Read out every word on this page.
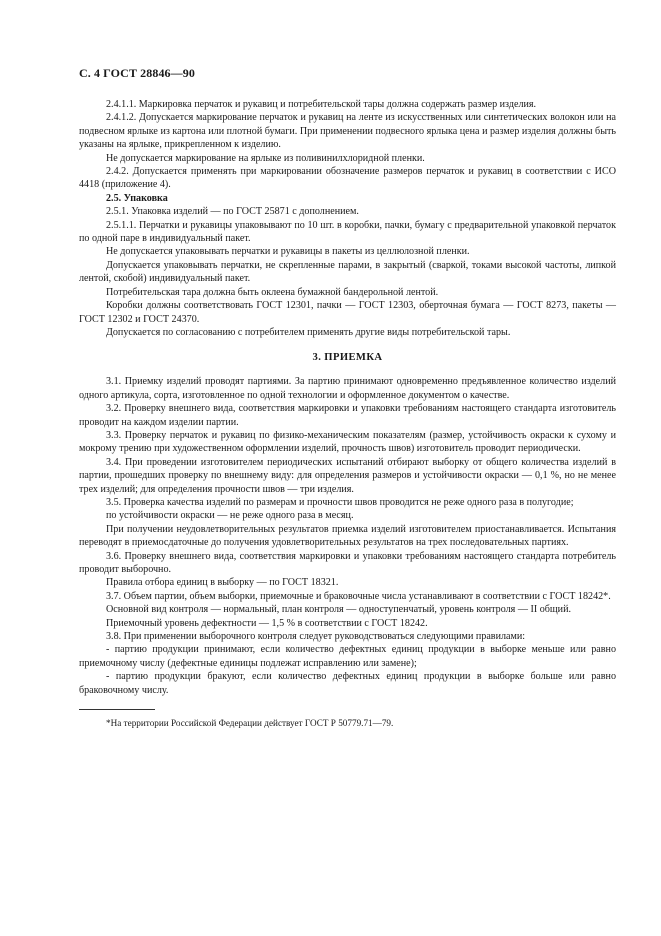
С. 4 ГОСТ 28846—90

2.4.1.1. Маркировка перчаток и рукавиц и потребительской тары должна содержать размер изделия.

2.4.1.2. Допускается маркирование перчаток и рукавиц на ленте из искусственных или синтетических волокон или на подвесном ярлыке из картона или плотной бумаги. При применении подвесного ярлыка цена и размер изделия должны быть указаны на ярлыке, прикрепленном к изделию.

Не допускается маркирование на ярлыке из поливинилхлоридной пленки.

2.4.2. Допускается применять при маркировании обозначение размеров перчаток и рукавиц в соответствии с ИСО 4418 (приложение 4).

2.5. Упаковка

2.5.1. Упаковка изделий — по ГОСТ 25871 с дополнением.

2.5.1.1. Перчатки и рукавицы упаковывают по 10 шт. в коробки, пачки, бумагу с предварительной упаковкой перчаток по одной паре в индивидуальный пакет.

Не допускается упаковывать перчатки и рукавицы в пакеты из целлюлозной пленки.

Допускается упаковывать перчатки, не скрепленные парами, в закрытый (сваркой, токами высокой частоты, липкой лентой, скобой) индивидуальный пакет.

Потребительская тара должна быть оклеена бумажной бандерольной лентой.

Коробки должны соответствовать ГОСТ 12301, пачки — ГОСТ 12303, оберточная бумага — ГОСТ 8273, пакеты — ГОСТ 12302 и ГОСТ 24370.

Допускается по согласованию с потребителем применять другие виды потребительской тары.

3. ПРИЕМКА

3.1. Приемку изделий проводят партиями. За партию принимают одновременно предъявленное количество изделий одного артикула, сорта, изготовленное по одной технологии и оформленное документом о качестве.

3.2. Проверку внешнего вида, соответствия маркировки и упаковки требованиям настоящего стандарта изготовитель проводит на каждом изделии партии.

3.3. Проверку перчаток и рукавиц по физико-механическим показателям (размер, устойчивость окраски к сухому и мокрому трению при художественном оформлении изделий, прочность швов) изготовитель проводит периодически.

3.4. При проведении изготовителем периодических испытаний отбирают выборку от общего количества изделий в партии, прошедших проверку по внешнему виду: для определения размеров и устойчивости окраски — 0,1 %, но не менее трех изделий; для определения прочности швов — три изделия.

3.5. Проверка качества изделий по размерам и прочности швов проводится не реже одного раза в полугодие;

по устойчивости окраски — не реже одного раза в месяц.

При получении неудовлетворительных результатов приемка изделий изготовителем приостанавливается. Испытания переводят в приемосдаточные до получения удовлетворительных результатов на трех последовательных партиях.

3.6. Проверку внешнего вида, соответствия маркировки и упаковки требованиям настоящего стандарта потребитель проводит выборочно.

Правила отбора единиц в выборку — по ГОСТ 18321.

3.7. Объем партии, объем выборки, приемочные и браковочные числа устанавливают в соответствии с ГОСТ 18242*.

Основной вид контроля — нормальный, план контроля — одноступенчатый, уровень контроля — II общий.

Приемочный уровень дефектности — 1,5 % в соответствии с ГОСТ 18242.

3.8. При применении выборочного контроля следует руководствоваться следующими правилами:

- партию продукции принимают, если количество дефектных единиц продукции в выборке меньше или равно приемочному числу (дефектные единицы подлежат исправлению или замене);

- партию продукции бракуют, если количество дефектных единиц продукции в выборке больше или равно браковочному числу.

*На территории Российской Федерации действует ГОСТ Р 50779.71—79.
